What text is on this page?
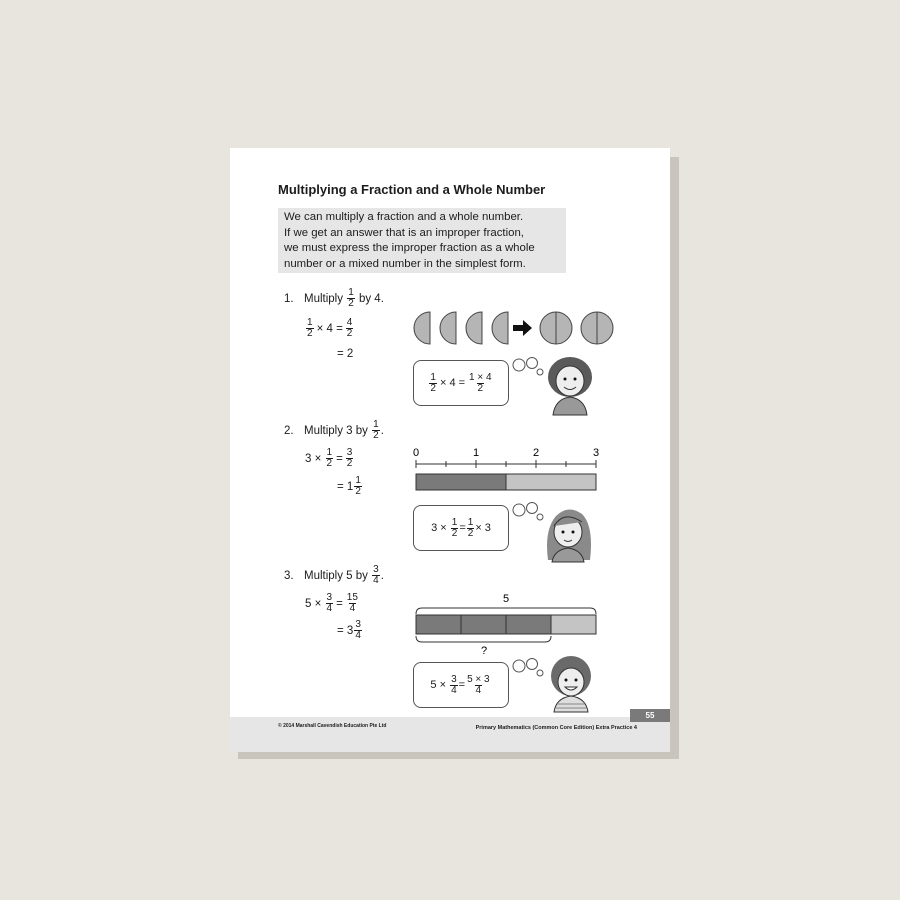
Multiplying a Fraction and a Whole Number
We can multiply a fraction and a whole number.
If we get an answer that is an improper fraction,
we must express the improper fraction as a whole
number or a mixed number in the simplest form.
1. Multiply
$\frac{1}{2}$
by 4.
$\frac{1}{2} \times 4 = \frac{4}{2}$
= 2
$\frac{1}{2} \times 4 = \frac{1 \times 4}{2}$
2. Multiply 3 by
$\frac{1}{2}$ .
3 ×
$\frac{1}{2} = \frac{3}{2}$
= $1 \frac{1}{2}$
0	1	2	3
3 ×
$\frac{1}{2} = \frac{1}{2} \times 3$
3. Multiply 5 by
$\frac{3}{4}$ .
5 ×
$\frac{3}{4} = \frac{15}{4}$
= $3 \frac{3}{4}$
5
?
5 ×
$\frac{3}{4} = \frac{5 \times 3}{4}$
55
© 2014 Marshall Cavendish Education Pte Ltd	Primary Mathematics (Common Core Edition) Extra Practice 4
